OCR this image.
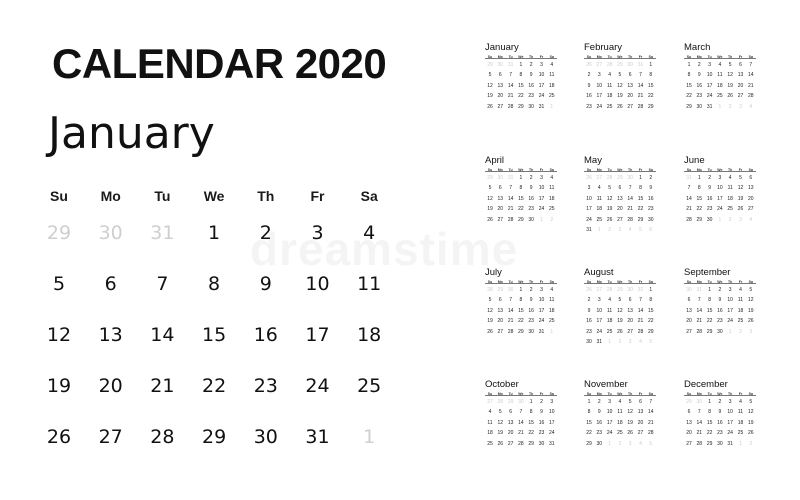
CALENDAR 2020
January
Su	Mo	Tu	We	Th	Fr	Sa
29	30	31	1	2	3	4
5	6	7	8	9	10	11
12	13	14	15	16	17	18
19	20	21	22	23	24	25
26	27	28	29	30	31	1
January
Su	Mo	Tu	We	Th	Fr	Sa
29 30 31	1	2	3	4
5	6	7	8	9	10 11
12 13 14 15 16 17 18
19 20 21 22 23 24 25
26 27 28 29 30 31	1
February
Su	Mo	Tu	We	Th	Fr	Sa
26 27 28 29 30 31	1
2	3	4	5	6	7	8
9	10 11 12 13 14 15
16 17 18 19 20 21 22
23 24 25 26 27 28 29
March
Su	Mo	Tu	We	Th	Fr	Sa
1	2	3	4	5	6	7
8	9	10 11 12 13 14
15 16 17 18 19 20 21
22 23 24 25 26 27 28
29 30 31	1	2	3	4
April
Su	Mo	Tu	We	Th	Fr	Sa
29 30 31	1	2	3	4
5	6	7	8	9	10 11
12 13 14 15 16 17 18
19 20 21 22 23 24 25
26 27 28 29 30	1	2
May
Su	Mo	Tu	We	Th	Fr	Sa
26 27 28 29 30	1	2
3	4	5	6	7	8	9
10 11 12 13 14 15 16
17 18 19 20 21 22 23
24 25 26 27 28 29 30
31	1	2	3	4	5	6
June
Su	Mo	Tu	We	Th	Fr	Sa
31	1	2	3	4	5	6
7	8	9	10 11 12 13
14 15 16 17 18 19 20
21 22 23 24 25 26 27
28 29 30	1	2	3	4
July
Su	Mo	Tu	We	Th	Fr	Sa
28 29 30	1	2	3	4
5	6	7	8	9	10 11
12 13 14 15 16 17 18
19 20 21 22 23 24 25
26 27 28 29 30 31	1
August
Su	Mo	Tu	We	Th	Fr	Sa
26 27 28 29 30 31	1
2	3	4	5	6	7	8
9	10 11 12 13 14 15
16 17 18 19 20 21 22
23 24 25 26 27 28 29
30 31	1	2	3	4	5
September
Su	Mo	Tu	We	Th	Fr	Sa
30 31	1	2	3	4	5
6	7	8	9	10 11 12
13 14 15 16 17 18 19
20 21 22 23 24 25 26
27 28 29 30	1	2	3
October
Su	Mo	Tu	We	Th	Fr	Sa
27 28 29 30	1	2	3
4	5	6	7	8	9	10
11 12 13 14 15 16 17
18 19 20 21 22 23 24
25 26 27 28 29 30 31
November
Su	Mo	Tu	We	Th	Fr	Sa
1	2	3	4	5	6	7
8	9	10 11 12 13 14
15 16 17 18 19 20 21
22 23 24 25 26 27 28
29 30	1	2	3	4	5
December
Su	Mo	Tu	We	Th	Fr	Sa
29 30	1	2	3	4	5
6	7	8	9	10 11 12
13 14 15 16 17 18 19
20 21 22 23 24 25 26
27 28 29 30 31	1	2
